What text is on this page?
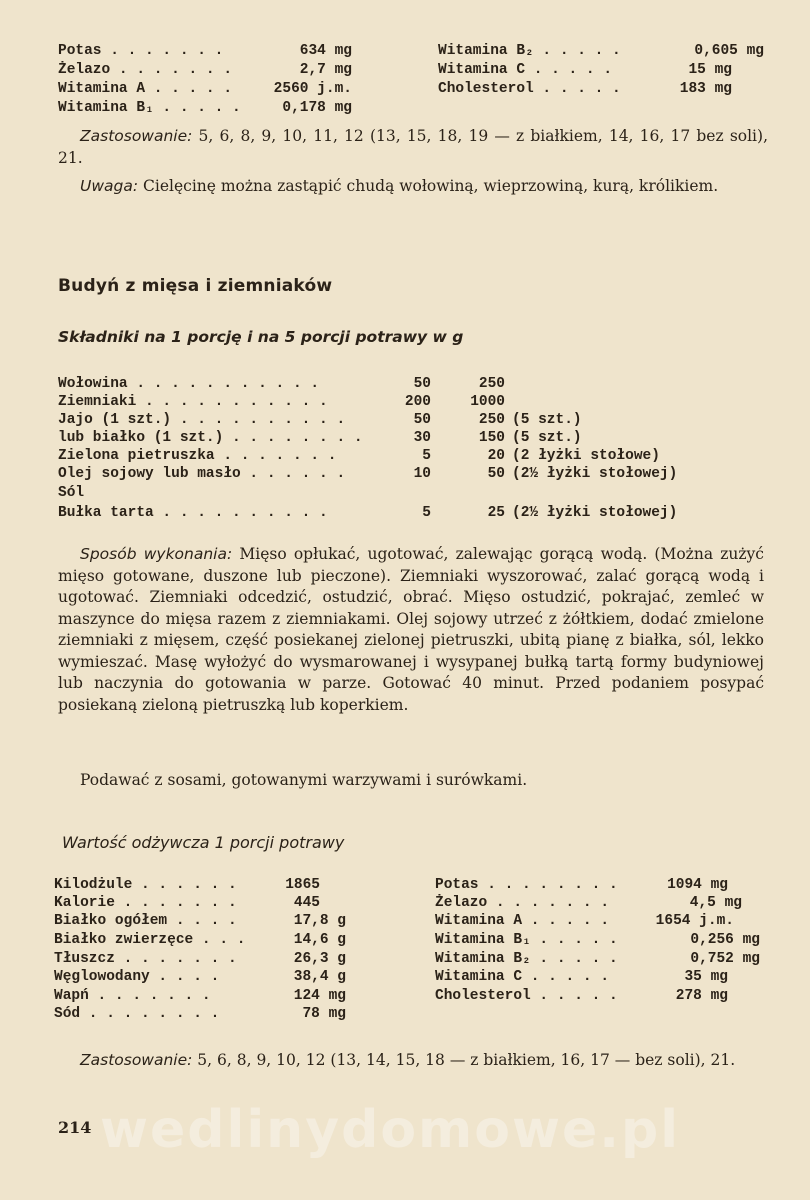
Potas . . . . . . .	634 mg
Żelazo . . . . . . .	2,7 mg
Witamina A . . . . .	2560 j.m.
Witamina B₁ . . . . .	0,178 mg
Witamina B₂ . . . . .	0,605 mg
Witamina C . . . . .	15 mg
Cholesterol . . . . .	183 mg
Zastosowanie: 5, 6, 8, 9, 10, 11, 12 (13, 15, 18, 19 — z białkiem, 14, 16, 17 bez soli), 21.
Uwaga: Cielęcinę można zastąpić chudą wołowiną, wieprzowiną, kurą, królikiem.
Budyń z mięsa i ziemniaków
Składniki na 1 porcję i na 5 porcji potrawy w g
Wołowina . . . . . . . . . . .	50	250
Ziemniaki . . . . . . . . . . .	200	1000
Jajo (1 szt.) . . . . . . . . . .	50	250 (5 szt.)
lub białko (1 szt.) . . . . . . . .	30	150 (5 szt.)
Zielona pietruszka . . . . . . .	5	20 (2 łyżki stołowe)
Olej sojowy lub masło . . . . . .	10	50 (2½ łyżki stołowej)
Sól
Bułka tarta . . . . . . . . . .	5	25 (2½ łyżki stołowej)
Sposób wykonania: Mięso opłukać, ugotować, zalewając gorącą wodą. (Można zużyć mięso gotowane, duszone lub pieczone). Ziemniaki wyszorować, zalać gorącą wodą i ugotować. Ziemniaki odcedzić, ostudzić, obrać. Mięso ostudzić, pokrajać, zemleć w maszynce do mięsa razem z ziemniakami. Olej sojowy utrzeć z żółtkiem, dodać zmielone ziemniaki z mięsem, część posiekanej zielonej pietruszki, ubitą pianę z białka, sól, lekko wymieszać. Masę wyłożyć do wysmarowanej i wysypanej bułką tartą formy budyniowej lub naczynia do gotowania w parze. Gotować 40 minut. Przed podaniem posypać posiekaną zieloną pietruszką lub koperkiem.
Podawać z sosami, gotowanymi warzywami i surówkami.
Wartość odżywcza 1 porcji potrawy
Kilodżule . . . . . .	1865
Kalorie . . . . . . .	445
Białko ogółem . . . .	17,8 g
Białko zwierzęce . . .	14,6 g
Tłuszcz . . . . . . .	26,3 g
Węglowodany . . . .	38,4 g
Wapń . . . . . . .	124 mg
Sód . . . . . . . .	78 mg
Potas . . . . . . . .	1094 mg
Żelazo . . . . . . .	4,5 mg
Witamina A . . . . .	1654 j.m.
Witamina B₁ . . . . .	0,256 mg
Witamina B₂ . . . . .	0,752 mg
Witamina C . . . . .	35 mg
Cholesterol . . . . .	278 mg
Zastosowanie: 5, 6, 8, 9, 10, 12 (13, 14, 15, 18 — z białkiem, 16, 17 — bez soli), 21.
wedlinydomowe.pl
214
